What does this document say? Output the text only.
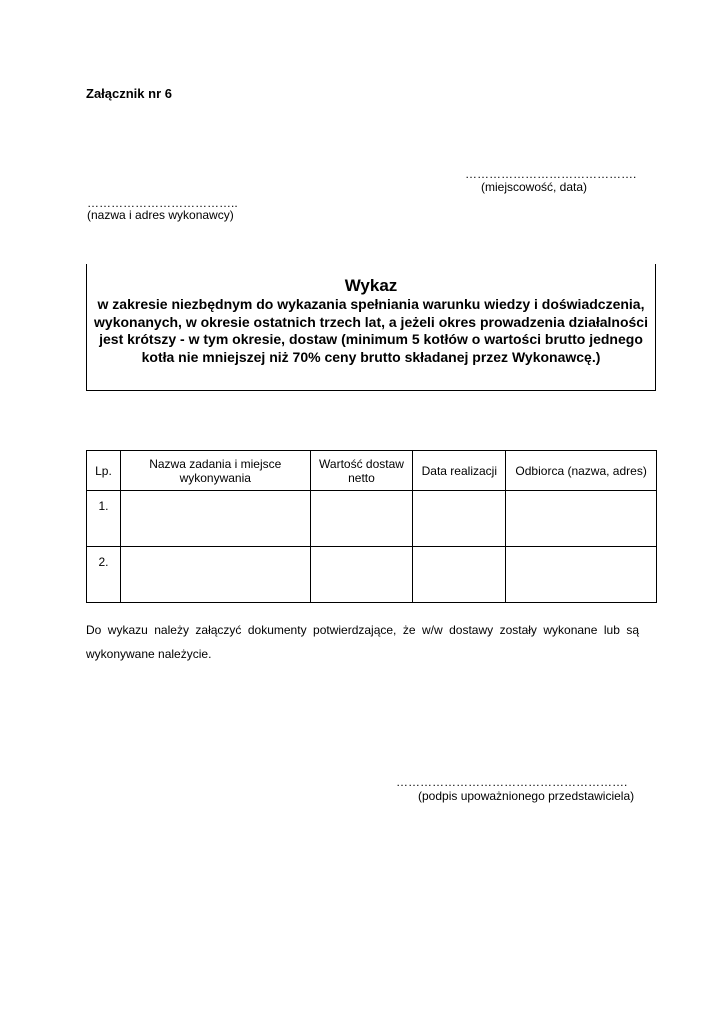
Załącznik nr 6
…………………………………….
(miejscowość, data)
………………………………..
(nazwa i adres wykonawcy)
Wykaz

w zakresie niezbędnym do wykazania spełniania warunku wiedzy i doświadczenia, wykonanych, w okresie ostatnich trzech lat, a jeżeli okres prowadzenia działalności jest krótszy - w tym okresie, dostaw (minimum 5 kotłów o wartości brutto jednego kotła nie mniejszej niż 70% ceny brutto składanej przez Wykonawcę.)

Lp.	Nazwa zadania i miejsce wykonywania	Wartość dostaw netto	Data realizacji	Odbiorca (nazwa, adres)
1.				
2.				
Do wykazu należy załączyć dokumenty potwierdzające, że w/w dostawy zostały wykonane lub są wykonywane należycie.
………………………………………………….
(podpis upoważnionego przedstawiciela)
